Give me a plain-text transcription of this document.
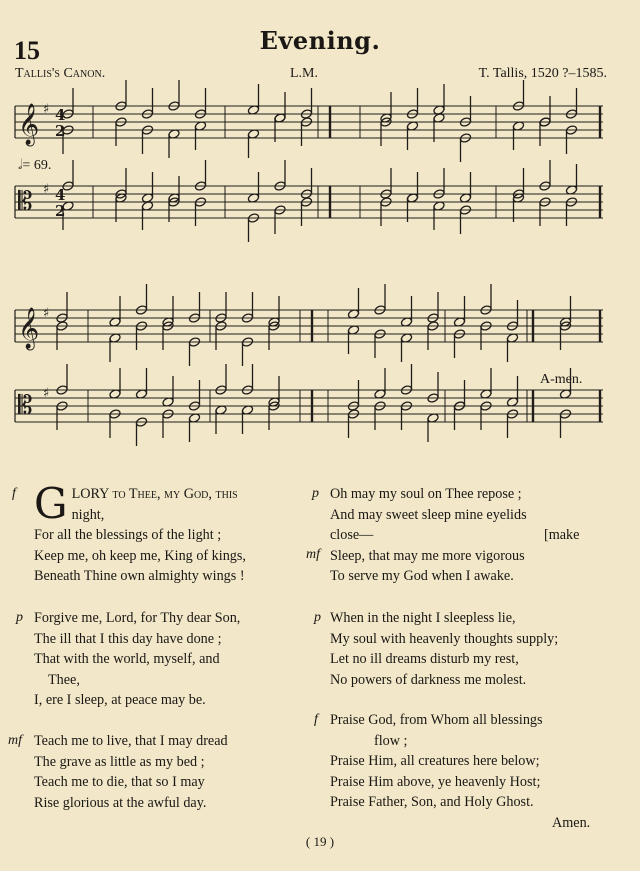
15	Evening.
Tallis's Canon.	L.M.	T. Tallis, 1520 ?–1585.
𝄞 ♯ 4
2
𝄡 ♯ 4
2
𝄞 ♯
𝄡 ♯
𝅗𝅥= 69.
A-men.
f GLORY to Thee, my God, this
night,
For all the blessings of the light ;
Keep me, oh keep me, King of kings,
Beneath Thine own almighty wings !
p Forgive me, Lord, for Thy dear Son,
The ill that I this day have done ;
That with the world, myself, and
Thee,
I, ere I sleep, at peace may be.
mf Teach me to live, that I may dread
The grave as little as my bed ;
Teach me to die, that so I may
Rise glorious at the awful day.
p
mf
Oh may my soul on Thee repose ;
And may sweet sleep mine eyelids
close—	[make
Sleep, that may me more vigorous
To serve my God when I awake.
p When in the night I sleepless lie,
My soul with heavenly thoughts supply;
Let no ill dreams disturb my rest,
No powers of darkness me molest.
f Praise God, from Whom all blessings
flow ;
Praise Him, all creatures here below;
Praise Him above, ye heavenly Host;
Praise Father, Son, and Holy Ghost.
Amen.
( 19 )
